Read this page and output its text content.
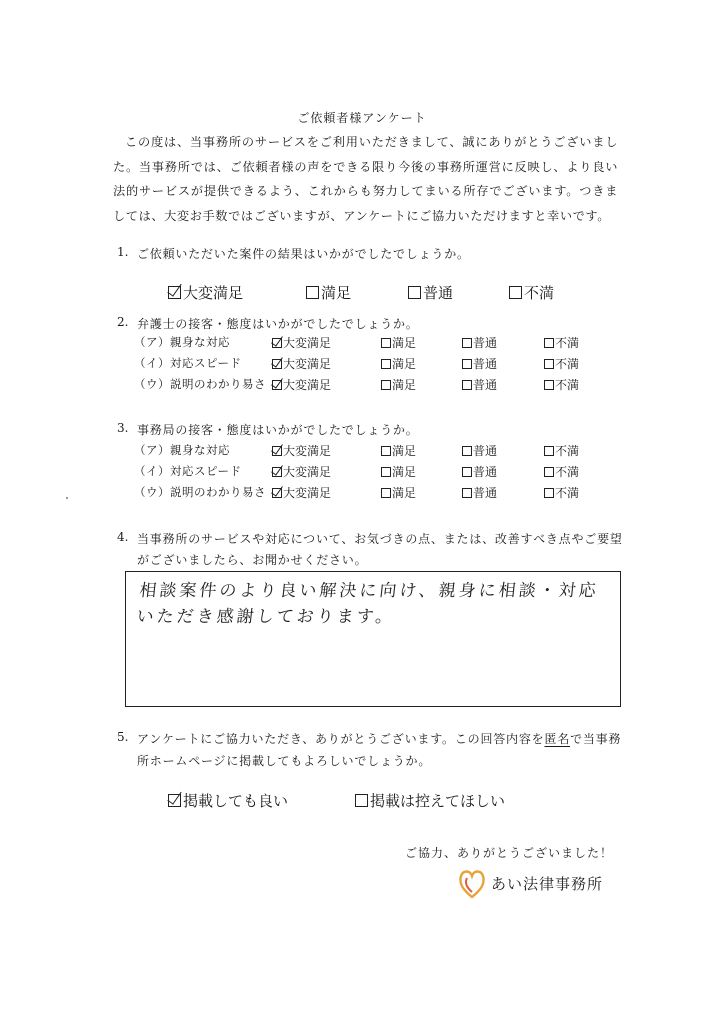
ご依頼者様アンケート
この度は、当事務所のサービスをご利用いただきまして、誠にありがとうございました。当事務所では、ご依頼者様の声をできる限り今後の事務所運営に反映し、より良い法的サービスが提供できるよう、これからも努力してまいる所存でございます。つきましては、大変お手数ではございますが、アンケートにご協力いただけますと幸いです。
1. ご依頼いただいた案件の結果はいかがでしたでしょうか。
大変満足	満足	普通	不満
2. 弁護士の接客・態度はいかがでしたでしょうか。
（ア）親身な対応	大変満足	満足	普通	不満
（イ）対応スピード	大変満足	満足	普通	不満
（ウ）説明のわかり易さ 大変満足	満足	普通	不満
3. 事務局の接客・態度はいかがでしたでしょうか。
（ア）親身な対応	大変満足	満足	普通	不満
（イ）対応スピード	大変満足	満足	普通	不満
（ウ）説明のわかり易さ 大変満足	満足	普通	不満
4. 当事務所のサービスや対応について、お気づきの点、または、改善すべき点やご要望
がございましたら、お聞かせください。
相談案件のより良い解決に向け、親身に相談・対応いただき感謝しております。
5. アンケートにご協力いただき、ありがとうございます。この回答内容を匿名で当事務
所ホームページに掲載してもよろしいでしょうか。
掲載しても良い	掲載は控えてほしい
ご協力、ありがとうございました！
あい法律事務所
